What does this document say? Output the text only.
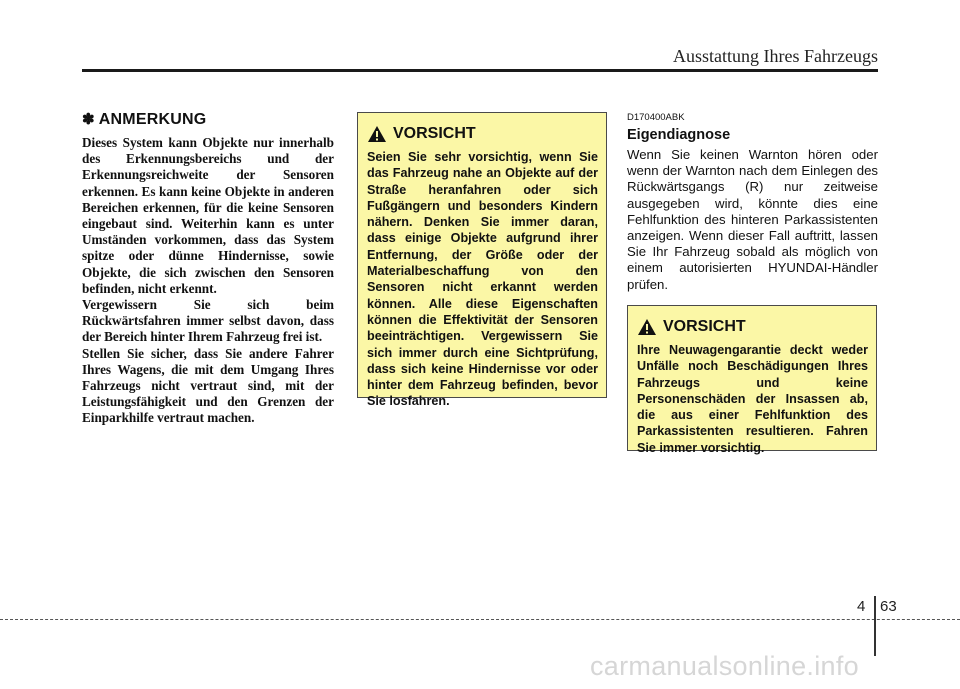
Ausstattung Ihres Fahrzeugs
✽ ANMERKUNG

Dieses System kann Objekte nur innerhalb des Erkennungsbereichs und der Erkennungsreichweite der Sensoren erkennen. Es kann keine Objekte in anderen Bereichen erkennen, für die keine Sensoren eingebaut sind. Weiterhin kann es unter Umständen vorkommen, dass das System spitze oder dünne Hindernisse, sowie Objekte, die sich zwischen den Sensoren befinden, nicht erkennt.

Vergewissern Sie sich beim Rückwärtsfahren immer selbst davon, dass der Bereich hinter Ihrem Fahrzeug frei ist.

Stellen Sie sicher, dass Sie andere Fahrer Ihres Wagens, die mit dem Umgang Ihres Fahrzeugs nicht vertraut sind, mit der Leistungsfähigkeit und den Grenzen der Einparkhilfe vertraut machen.

VORSICHT

Seien Sie sehr vorsichtig, wenn Sie das Fahrzeug nahe an Objekte auf der Straße heranfahren oder sich Fußgängern und besonders Kindern nähern. Denken Sie immer daran, dass einige Objekte aufgrund ihrer Entfernung, der Größe oder der Materialbeschaffung von den Sensoren nicht erkannt werden können. Alle diese Eigenschaften können die Effektivität der Sensoren beeinträchtigen. Vergewissern Sie sich immer durch eine Sichtprüfung, dass sich keine Hindernisse vor oder hinter dem Fahrzeug befinden, bevor Sie losfahren.

D170400ABK
Eigendiagnose

Wenn Sie keinen Warnton hören oder wenn der Warnton nach dem Einlegen des Rückwärtsgangs (R) nur zeitweise ausgegeben wird, könnte dies eine Fehlfunktion des hinteren Parkassistenten anzeigen. Wenn dieser Fall auftritt, lassen Sie Ihr Fahrzeug sobald als möglich von einem autorisierten HYUNDAI-Händler prüfen.

VORSICHT

Ihre Neuwagengarantie deckt weder Unfälle noch Beschädigungen Ihres Fahrzeugs und keine Personenschäden der Insassen ab, die aus einer Fehlfunktion des Parkassistenten resultieren. Fahren Sie immer vorsichtig.

4 63
carmanualsonline.info
